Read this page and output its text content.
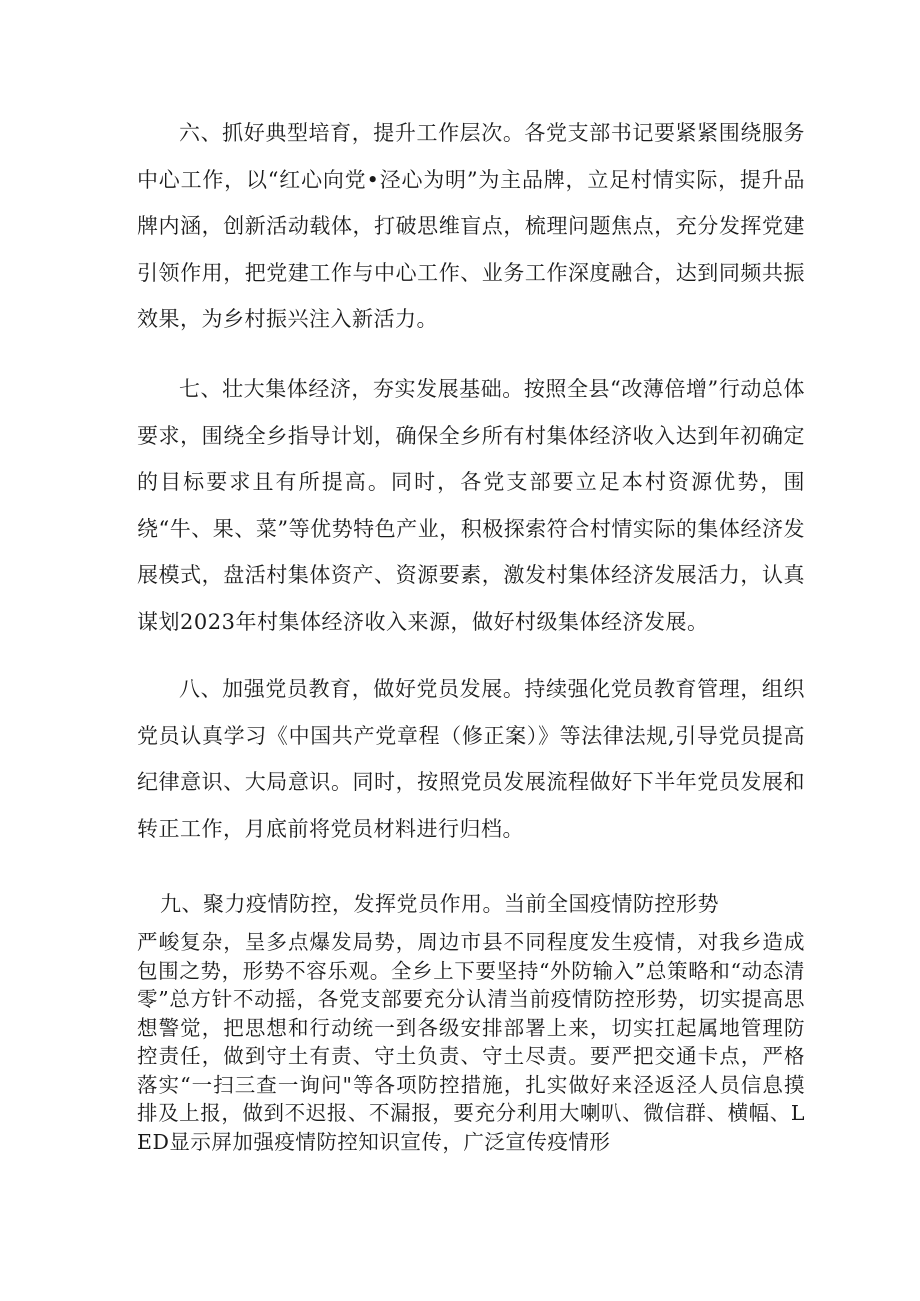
六、抓好典型培育，提升工作层次。各党支部书记要紧紧围绕服务中心工作，以“红心向党•泾心为明”为主品牌，立足村情实际，提升品牌内涵，创新活动载体，打破思维盲点，梳理问题焦点，充分发挥党建引领作用，把党建工作与中心工作、业务工作深度融合，达到同频共振效果，为乡村振兴注入新活力。

七、壮大集体经济，夯实发展基础。按照全县“改薄倍增”行动总体要求，围绕全乡指导计划，确保全乡所有村集体经济收入达到年初确定的目标要求且有所提高。同时，各党支部要立足本村资源优势，围绕“牛、果、菜”等优势特色产业，积极探索符合村情实际的集体经济发展模式，盘活村集体资产、资源要素，激发村集体经济发展活力，认真谋划2023年村集体经济收入来源，做好村级集体经济发展。

八、加强党员教育，做好党员发展。持续强化党员教育管理，组织党员认真学习《中国共产党章程（修正案）》等法律法规,引导党员提高纪律意识、大局意识。同时，按照党员发展流程做好下半年党员发展和转正工作，月底前将党员材料进行归档。

九、聚力疫情防控，发挥党员作用。当前全国疫情防控形势

严峻复杂，呈多点爆发局势，周边市县不同程度发生疫情，对我乡造成包围之势，形势不容乐观。全乡上下要坚持“外防输入”总策略和“动态清零”总方针不动摇，各党支部要充分认清当前疫情防控形势，切实提高思想警觉，把思想和行动统一到各级安排部署上来，切实扛起属地管理防控责任，做到守土有责、守土负责、守土尽责。要严把交通卡点，严格落实“一扫三查一询问"等各项防控措施，扎实做好来泾返泾人员信息摸排及上报，做到不迟报、不漏报，要充分利用大喇叭、微信群、横幅、LED显示屏加强疫情防控知识宣传，广泛宣传疫情形
